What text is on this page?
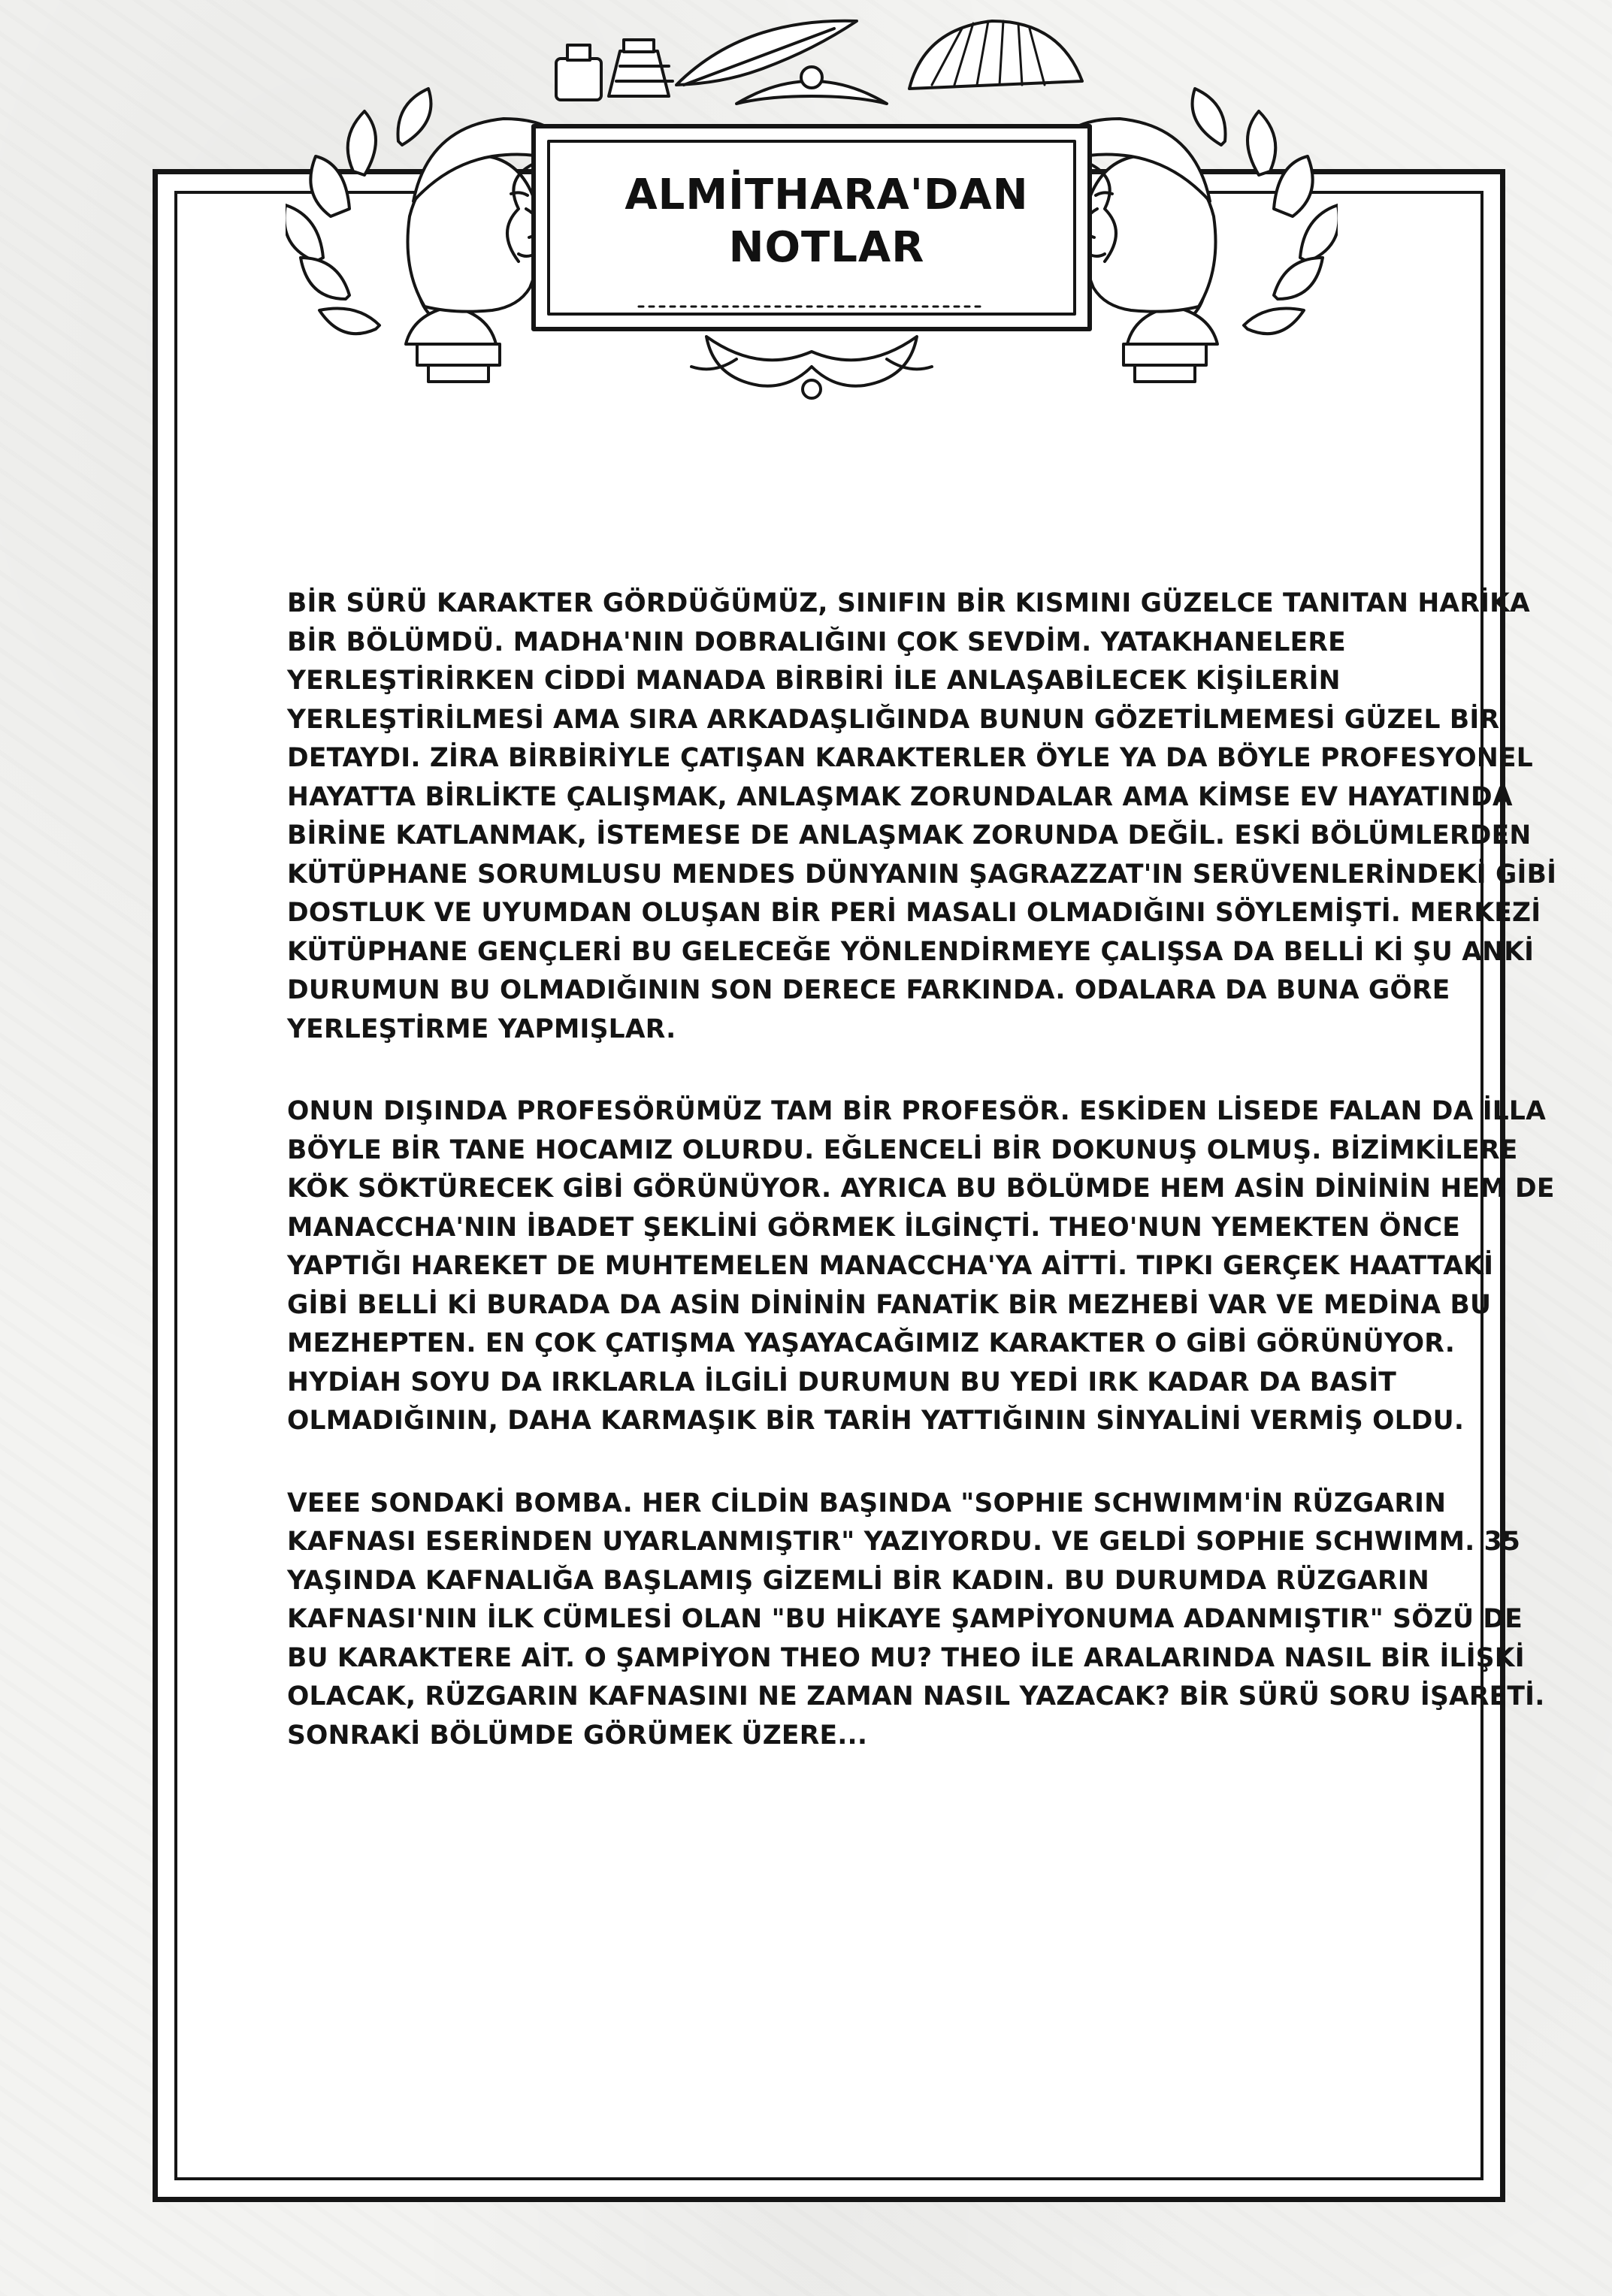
ALMİTHARA'DAN
NOTLAR
BİR SÜRÜ KARAKTER GÖRDÜĞÜMÜZ, SINIFIN BİR KISMINI GÜZELCE TANITAN HARİKA
BİR BÖLÜMDÜ. MADHA'NIN DOBRALIĞINI ÇOK SEVDİM. YATAKHANELERE
YERLEŞTİRİRKEN CİDDİ MANADA BİRBİRİ İLE ANLAŞABİLECEK KİŞİLERİN
YERLEŞTİRİLMESİ AMA SIRA ARKADAŞLIĞINDA BUNUN GÖZETİLMEMESİ GÜZEL BİR
DETAYDI. ZİRA BİRBİRİYLE ÇATIŞAN KARAKTERLER ÖYLE YA DA BÖYLE PROFESYONEL
HAYATTA BİRLİKTE ÇALIŞMAK, ANLAŞMAK ZORUNDALAR AMA KİMSE EV HAYATINDA
BİRİNE KATLANMAK, İSTEMESE DE ANLAŞMAK ZORUNDA DEĞİL. ESKİ BÖLÜMLERDEN
KÜTÜPHANE SORUMLUSU MENDES DÜNYANIN ŞAGRAZZAT'IN SERÜVENLERİNDEKİ GİBİ
DOSTLUK VE UYUMDAN OLUŞAN BİR PERİ MASALI OLMADIĞINI SÖYLEMİŞTİ. MERKEZİ
KÜTÜPHANE GENÇLERİ BU GELECEĞE YÖNLENDİRMEYE ÇALIŞSA DA BELLİ Kİ ŞU ANKİ
DURUMUN BU OLMADIĞININ SON DERECE FARKINDA. ODALARA DA BUNA GÖRE
YERLEŞTİRME YAPMIŞLAR.
ONUN DIŞINDA PROFESÖRÜMÜZ TAM BİR PROFESÖR. ESKİDEN LİSEDE FALAN DA İLLA
BÖYLE BİR TANE HOCAMIZ OLURDU. EĞLENCELİ BİR DOKUNUŞ OLMUŞ. BİZİMKİLERE
KÖK SÖKTÜRECEK GİBİ GÖRÜNÜYOR. AYRICA BU BÖLÜMDE HEM ASİN DİNİNİN HEM DE
MANACCHA'NIN İBADET ŞEKLİNİ GÖRMEK İLGİNÇTİ. THEO'NUN YEMEKTEN ÖNCE
YAPTIĞI HAREKET DE MUHTEMELEN MANACCHA'YA AİTTİ. TIPKI GERÇEK HAATTAKİ
GİBİ BELLİ Kİ BURADA DA ASİN DİNİNİN FANATİK BİR MEZHEBİ VAR VE MEDİNA BU
MEZHEPTEN. EN ÇOK ÇATIŞMA YAŞAYACAĞIMIZ KARAKTER O GİBİ GÖRÜNÜYOR.
HYDİAH SOYU DA IRKLARLA İLGİLİ DURUMUN BU YEDİ IRK KADAR DA BASİT
OLMADIĞININ, DAHA KARMAŞIK BİR TARİH YATTIĞININ SİNYALİNİ VERMİŞ OLDU.
VEEE SONDAKİ BOMBA. HER CİLDİN BAŞINDA "SOPHIE SCHWIMM'İN RÜZGARIN
KAFNASI ESERİNDEN UYARLANMIŞTIR" YAZIYORDU. VE GELDİ SOPHIE SCHWIMM. 35
YAŞINDA KAFNALIĞA BAŞLAMIŞ GİZEMLİ BİR KADIN. BU DURUMDA RÜZGARIN
KAFNASI'NIN İLK CÜMLESİ OLAN "BU HİKAYE ŞAMPİYONUMA ADANMIŞTIR" SÖZÜ DE
BU KARAKTERE AİT. O ŞAMPİYON THEO MU? THEO İLE ARALARINDA NASIL BİR İLİŞKİ
OLACAK, RÜZGARIN KAFNASINI NE ZAMAN NASIL YAZACAK? BİR SÜRÜ SORU İŞARETİ.
SONRAKİ BÖLÜMDE GÖRÜMEK ÜZERE...
